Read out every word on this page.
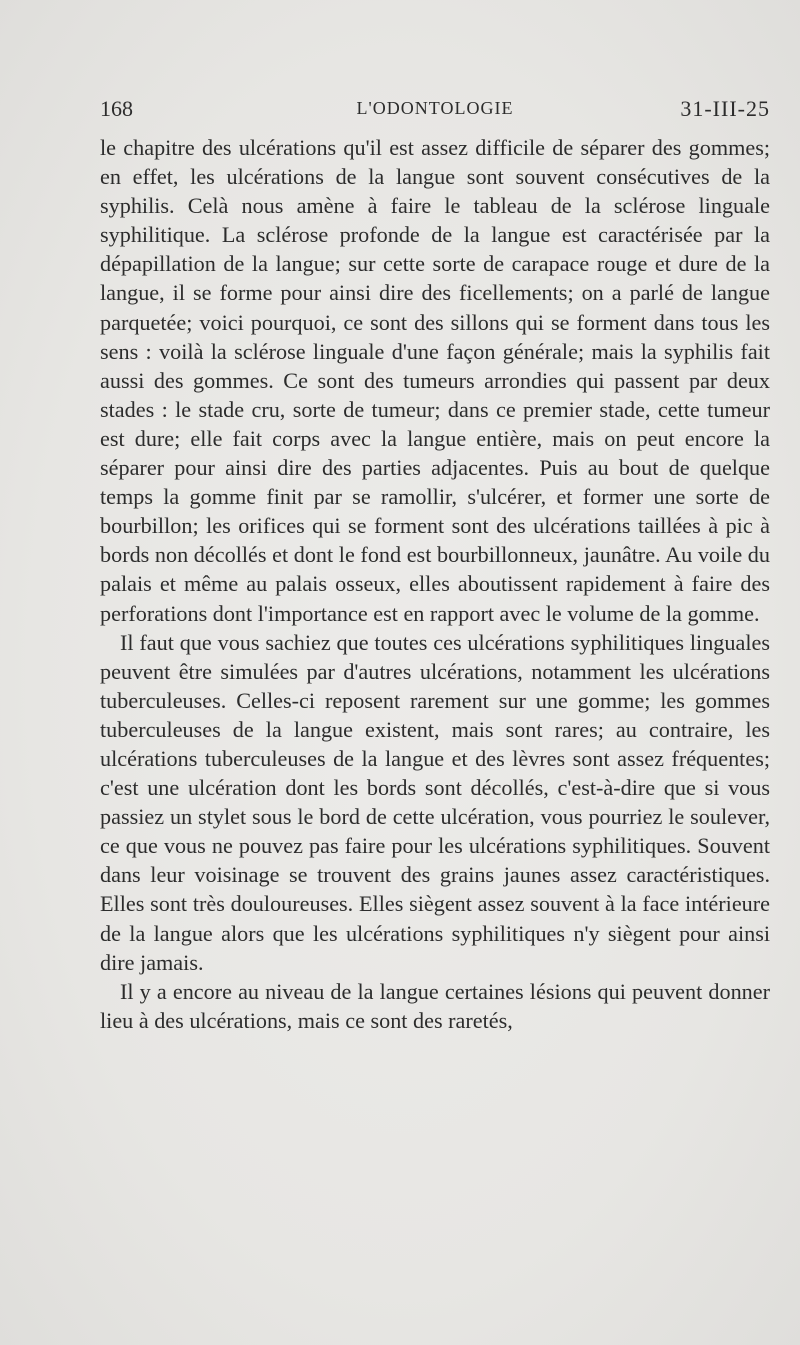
168	L'ODONTOLOGIE	31-III-25

le chapitre des ulcérations qu'il est assez difficile de séparer des gommes; en effet, les ulcérations de la langue sont souvent consécutives de la syphilis. Celà nous amène à faire le tableau de la sclérose linguale syphilitique. La sclérose profonde de la langue est caractérisée par la dépapillation de la langue; sur cette sorte de carapace rouge et dure de la langue, il se forme pour ainsi dire des ficellements; on a parlé de langue parquetée; voici pourquoi, ce sont des sillons qui se forment dans tous les sens : voilà la sclérose linguale d'une façon générale; mais la syphilis fait aussi des gommes. Ce sont des tumeurs arrondies qui passent par deux stades : le stade cru, sorte de tumeur; dans ce premier stade, cette tumeur est dure; elle fait corps avec la langue entière, mais on peut encore la séparer pour ainsi dire des parties adjacentes. Puis au bout de quelque temps la gomme finit par se ramollir, s'ulcérer, et former une sorte de bourbillon; les orifices qui se forment sont des ulcérations taillées à pic à bords non décollés et dont le fond est bourbillonneux, jaunâtre. Au voile du palais et même au palais osseux, elles aboutissent rapidement à faire des perforations dont l'importance est en rapport avec le volume de la gomme.

Il faut que vous sachiez que toutes ces ulcérations syphilitiques linguales peuvent être simulées par d'autres ulcérations, notamment les ulcérations tuberculeuses. Celles-ci reposent rarement sur une gomme; les gommes tuberculeuses de la langue existent, mais sont rares; au contraire, les ulcérations tuberculeuses de la langue et des lèvres sont assez fréquentes; c'est une ulcération dont les bords sont décollés, c'est-à-dire que si vous passiez un stylet sous le bord de cette ulcération, vous pourriez le soulever, ce que vous ne pouvez pas faire pour les ulcérations syphilitiques. Souvent dans leur voisinage se trouvent des grains jaunes assez caractéristiques. Elles sont très douloureuses. Elles siègent assez souvent à la face intérieure de la langue alors que les ulcérations syphilitiques n'y siègent pour ainsi dire jamais.

Il y a encore au niveau de la langue certaines lésions qui peuvent donner lieu à des ulcérations, mais ce sont des raretés,
